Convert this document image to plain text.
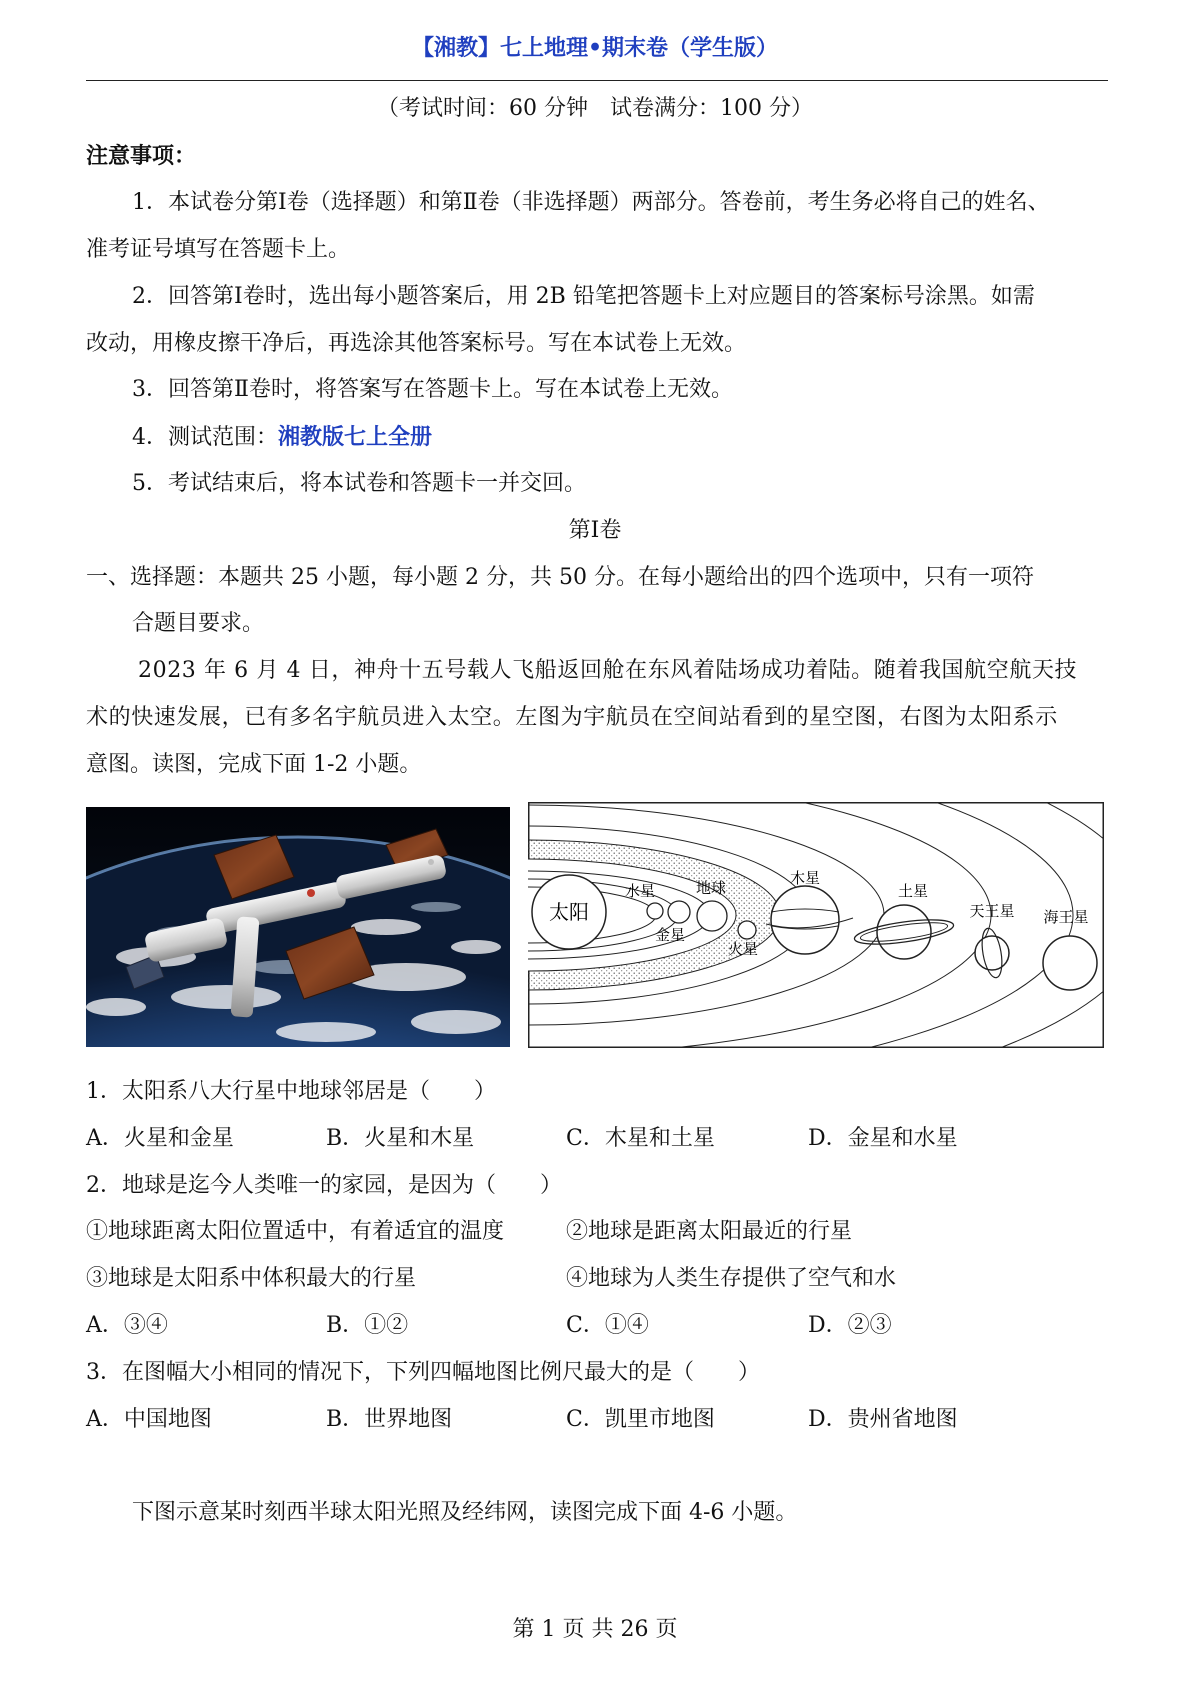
【湘教】七上地理•期末卷（学生版）
（考试时间：60 分钟　试卷满分：100 分）
注意事项：
1．本试卷分第Ⅰ卷（选择题）和第Ⅱ卷（非选择题）两部分。答卷前，考生务必将自己的姓名、
准考证号填写在答题卡上。
2．回答第Ⅰ卷时，选出每小题答案后，用 2B 铅笔把答题卡上对应题目的答案标号涂黑。如需
改动，用橡皮擦干净后，再选涂其他答案标号。写在本试卷上无效。
3．回答第Ⅱ卷时，将答案写在答题卡上。写在本试卷上无效。
4．测试范围：湘教版七上全册
5．考试结束后，将本试卷和答题卡一并交回。
第Ⅰ卷
一、选择题：本题共 25 小题，每小题 2 分，共 50 分。在每小题给出的四个选项中，只有一项符
合题目要求。
2023 年 6 月 4 日，神舟十五号载人飞船返回舱在东风着陆场成功着陆。随着我国航空航天技
术的快速发展，已有多名宇航员进入太空。左图为宇航员在空间站看到的星空图，右图为太阳系示
意图。读图，完成下面 1-2 小题。
太阳
水星
金星
地球
火星
木星
土星
天王星 海王星
1．太阳系八大行星中地球邻居是（　　）
A．火星和金星	B．火星和木星	C．木星和土星	D．金星和水星
2．地球是迄今人类唯一的家园，是因为（　　）
①地球距离太阳位置适中，有着适宜的温度	②地球是距离太阳最近的行星
③地球是太阳系中体积最大的行星	④地球为人类生存提供了空气和水
A．③④	B．①②	C．①④	D．②③
3．在图幅大小相同的情况下，下列四幅地图比例尺最大的是（　　）
A．中国地图	B．世界地图	C．凯里市地图	D．贵州省地图
下图示意某时刻西半球太阳光照及经纬网，读图完成下面 4-6 小题。
第 1 页 共 26 页
